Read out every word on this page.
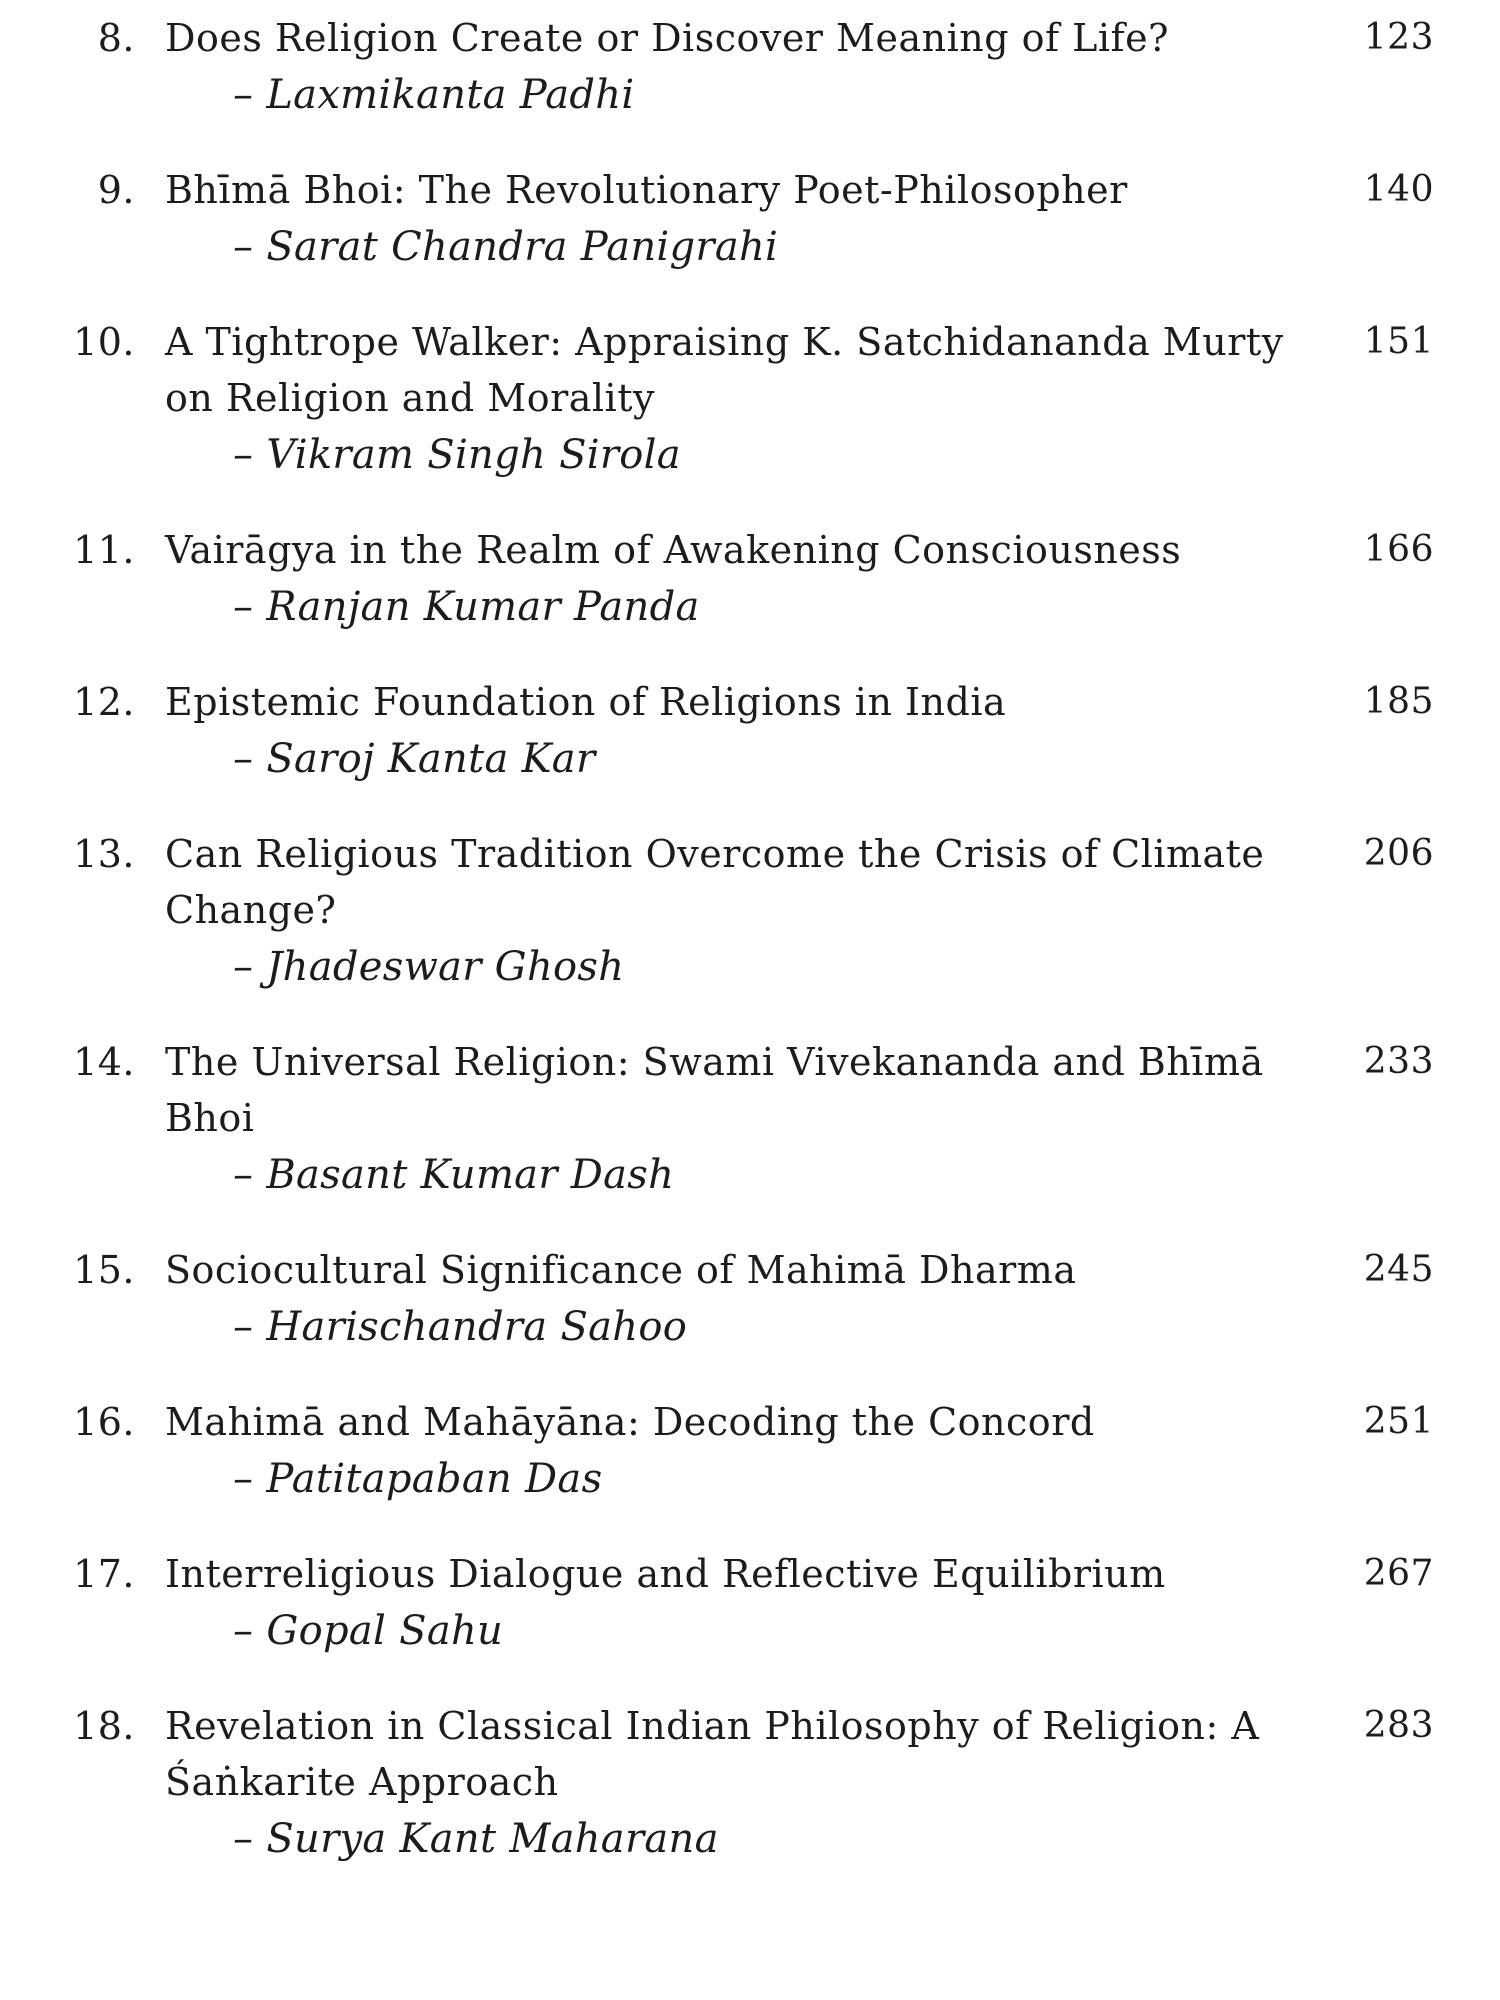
8. Does Religion Create or Discover Meaning of Life?
– Laxmikanta Padhi
123
9. Bhīmā Bhoi: The Revolutionary Poet-Philosopher
– Sarat Chandra Panigrahi
140
10. A Tightrope Walker: Appraising K. Satchidananda Murty on Religion and Morality
– Vikram Singh Sirola
151
11. Vairāgya in the Realm of Awakening Consciousness
– Ranjan Kumar Panda
166
12. Epistemic Foundation of Religions in India
– Saroj Kanta Kar
185
13. Can Religious Tradition Overcome the Crisis of Climate Change?
– Jhadeswar Ghosh
206
14. The Universal Religion: Swami Vivekananda and Bhīmā Bhoi
– Basant Kumar Dash
233
15. Sociocultural Significance of Mahimā Dharma
– Harischandra Sahoo
245
16. Mahimā and Mahāyāna: Decoding the Concord
– Patitapaban Das
251
17. Interreligious Dialogue and Reflective Equilibrium
– Gopal Sahu
267
18. Revelation in Classical Indian Philosophy of Religion: A Śaṅkarite Approach
– Surya Kant Maharana
283
